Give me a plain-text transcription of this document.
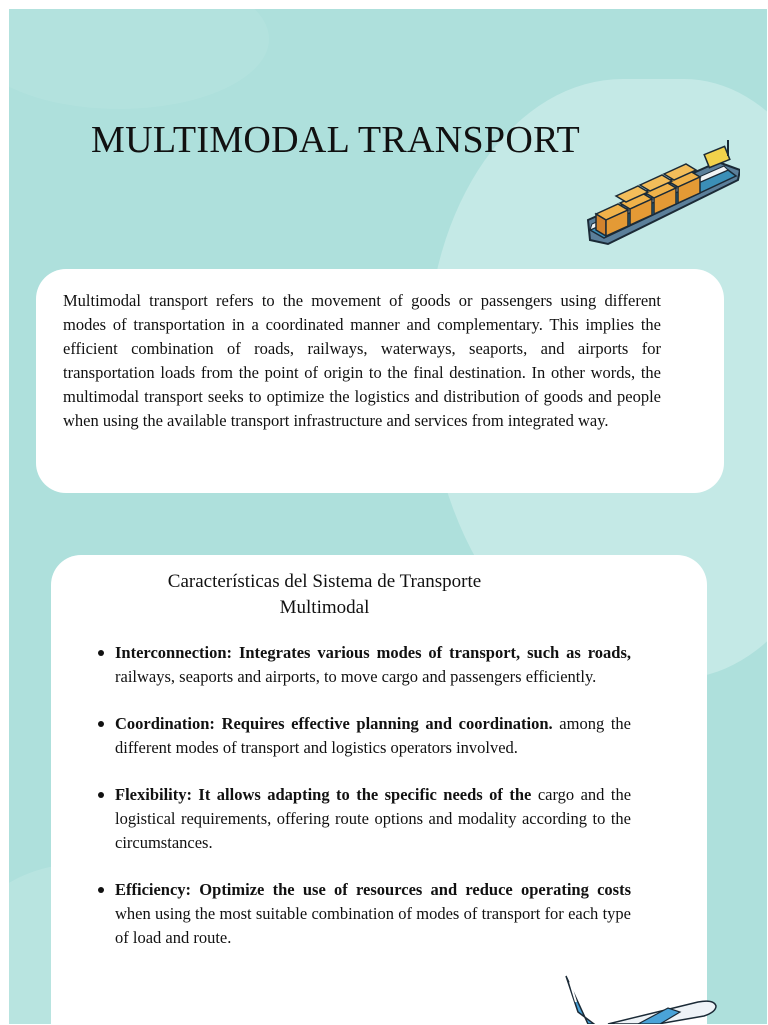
MULTIMODAL TRANSPORT

Multimodal transport refers to the movement of goods or passengers using different modes of transportation in a coordinated manner and complementary. This implies the efficient combination of roads, railways, waterways, seaports, and airports for transportation loads from the point of origin to the final destination. In other words, the multimodal transport seeks to optimize the logistics and distribution of goods and people when using the available transport infrastructure and services from integrated way.

Características del Sistema de Transporte Multimodal
Interconnection: Integrates various modes of transport, such as roads, railways, seaports and airports, to move cargo and passengers efficiently.
Coordination: Requires effective planning and coordination. among the different modes of transport and logistics operators involved.
Flexibility: It allows adapting to the specific needs of the cargo and the logistical requirements, offering route options and modality according to the circumstances.
Efficiency: Optimize the use of resources and reduce operating costs when using the most suitable combination of modes of transport for each type of load and route.
